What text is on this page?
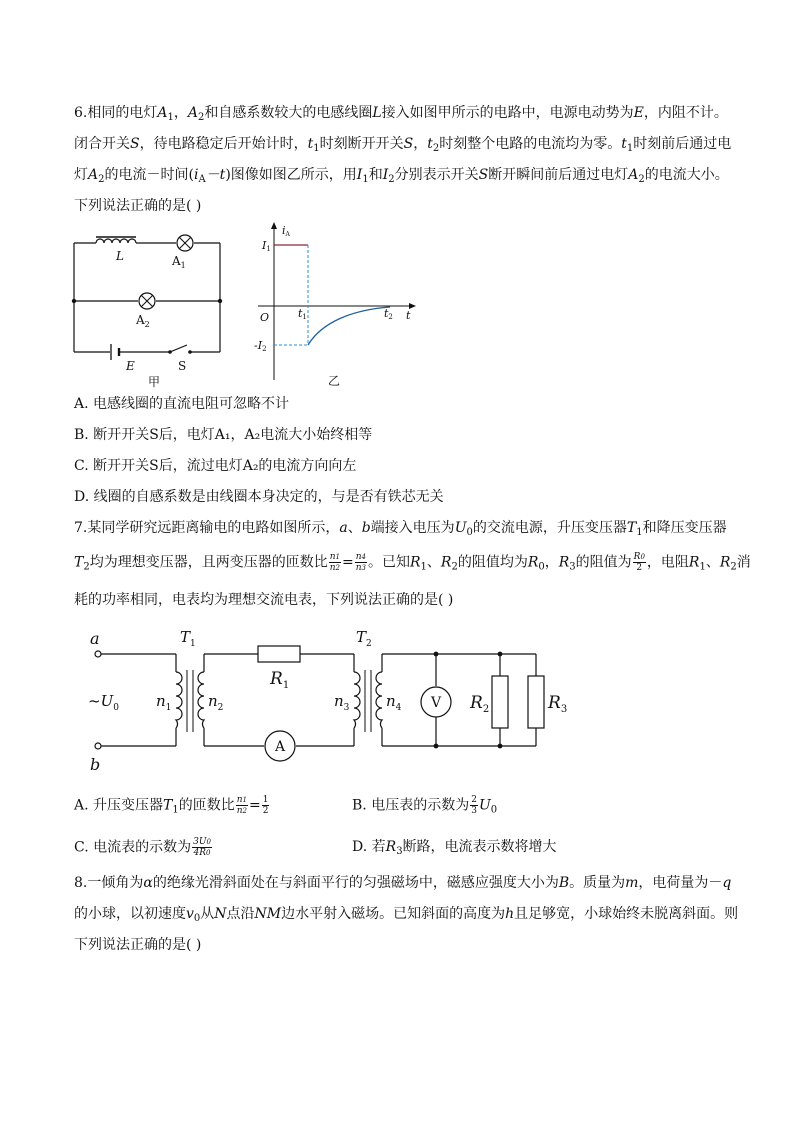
6.相同的电灯$A_1$，$A_2$和自感系数较大的电感线圈L接入如图甲所示的电路中，电源电动势为E，内阻不计。
闭合开关S，待电路稳定后开始计时，$t_1$时刻断开开关S，$t_2$时刻整个电路的电流均为零。$t_1$时刻前后通过电
灯$A_2$的电流－时间$(i_A-t)$图像如图乙所示，用$I_1$和$I_2$分别表示开关S断开瞬间前后通过电灯$A_2$的电流大小。
下列说法正确的是( )
L	$A_1$
$A_2$
E	S
甲
iA
I1
O	t1	t2 t
-I2
乙
A. 电感线圈的直流电阻可忽略不计
B. 断开开关S后，电灯A₁，A₂电流大小始终相等
C. 断开开关S后，流过电灯A₂的电流方向向左
D. 线圈的自感系数是由线圈本身决定的，与是否有铁芯无关
7.某同学研究远距离输电的电路如图所示，a、b端接入电压为$U_0$的交流电源，升压变压器$T_1$和降压变压器
$T_2$均为理想变压器，且两变压器的匝数比 $\frac{n1}{n2} = \frac{n4}{n3}$ 。已知$R_1$、$R_2$的阻值均为$R_0$，$R_3$的阻值为 $\frac{R0}{2}$ ，电阻$R_1$、$R_2$消
耗的功率相同，电表均为理想交流电表，下列说法正确的是( )
A
V
a
b
$\sim U_0$
$T_1$	$T_2$
$n_1$ $n_2$	$n_3$ $n_4$
$R_1$
$R_2$	$R_3$
A. 升压变压器$T_1$的匝数比 $\frac{n1}{n2} = \frac{1}{2}$	B. 电压表的示数为 $\frac{2}{3} U_0$
C. 电流表的示数为 $\frac{3U0}{4R0}$	D. 若$R_3$断路，电流表示数将增大
8.一倾角为α的绝缘光滑斜面处在与斜面平行的匀强磁场中，磁感应强度大小为B。质量为m，电荷量为－q
的小球，以初速度$v_0$从N点沿NM边水平射入磁场。已知斜面的高度为h且足够宽，小球始终未脱离斜面。则
下列说法正确的是( )
